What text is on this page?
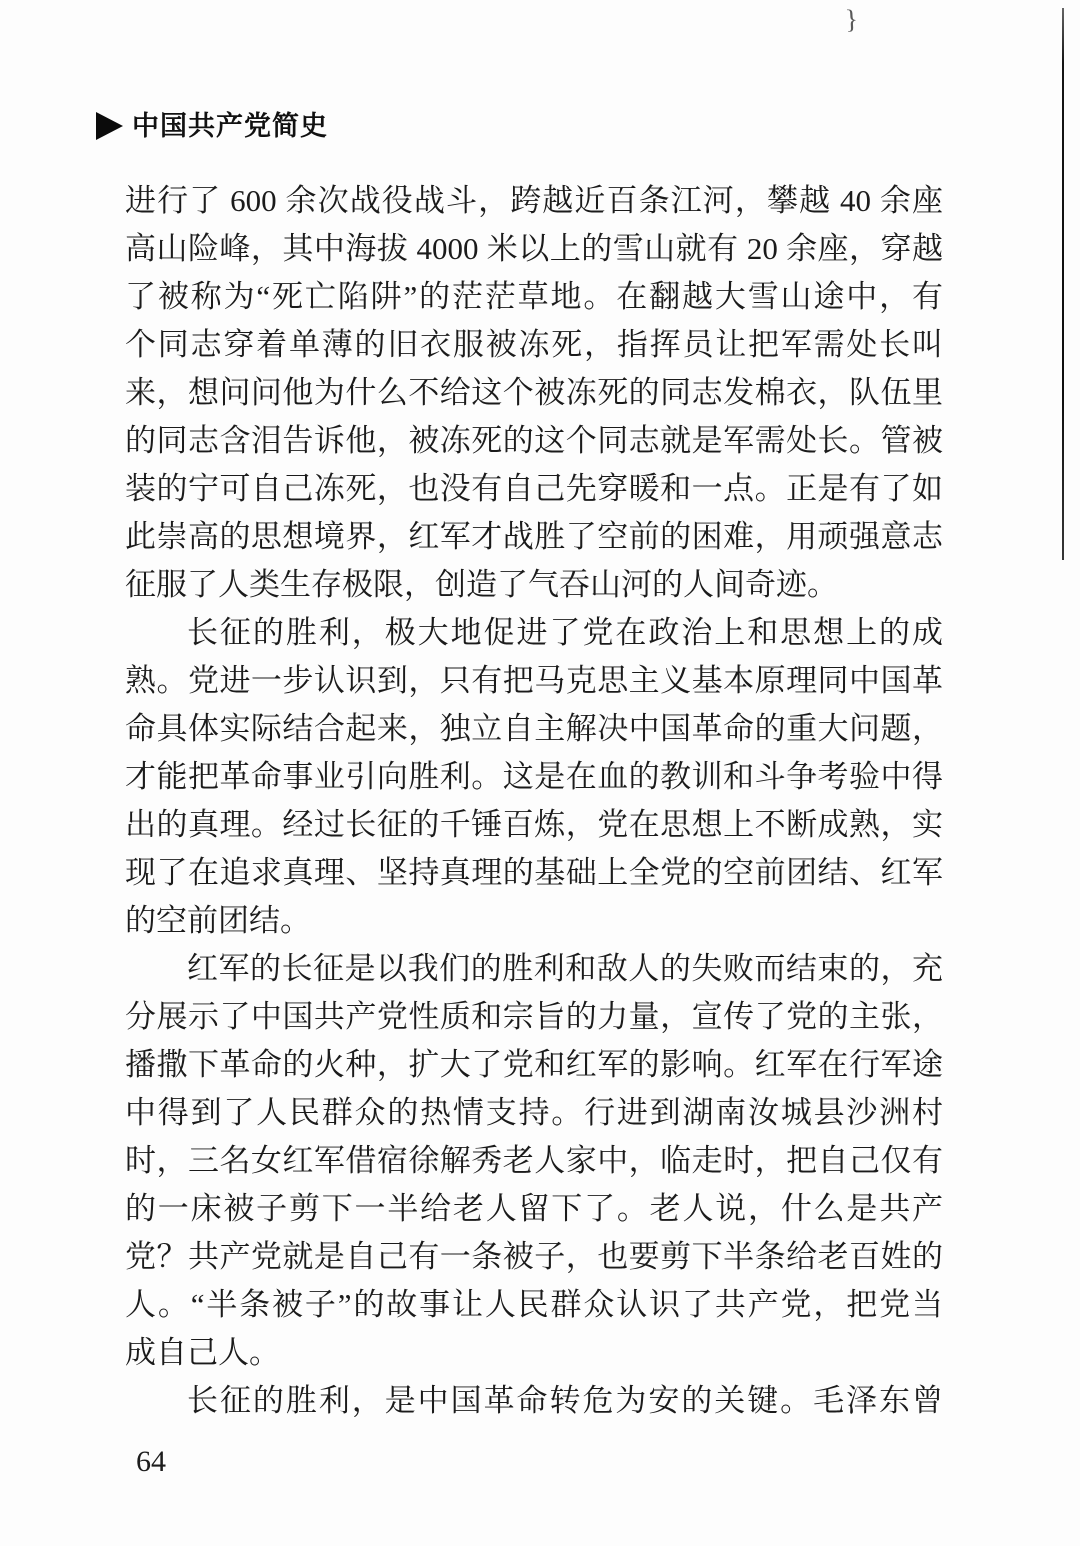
}
中国共产党简史
进行了 600 余次战役战斗，跨越近百条江河，攀越 40 余座
高山险峰，其中海拔 4000 米以上的雪山就有 20 余座，穿越
了被称为“死亡陷阱”的茫茫草地。在翻越大雪山途中，有
个同志穿着单薄的旧衣服被冻死，指挥员让把军需处长叫
来，想问问他为什么不给这个被冻死的同志发棉衣，队伍里
的同志含泪告诉他，被冻死的这个同志就是军需处长。管被
装的宁可自己冻死，也没有自己先穿暖和一点。正是有了如
此崇高的思想境界，红军才战胜了空前的困难，用顽强意志
征服了人类生存极限，创造了气吞山河的人间奇迹。
长征的胜利，极大地促进了党在政治上和思想上的成
熟。党进一步认识到，只有把马克思主义基本原理同中国革
命具体实际结合起来，独立自主解决中国革命的重大问题，
才能把革命事业引向胜利。这是在血的教训和斗争考验中得
出的真理。经过长征的千锤百炼，党在思想上不断成熟，实
现了在追求真理、坚持真理的基础上全党的空前团结、红军
的空前团结。
红军的长征是以我们的胜利和敌人的失败而结束的，充
分展示了中国共产党性质和宗旨的力量，宣传了党的主张，
播撒下革命的火种，扩大了党和红军的影响。红军在行军途
中得到了人民群众的热情支持。行进到湖南汝城县沙洲村
时，三名女红军借宿徐解秀老人家中，临走时，把自己仅有
的一床被子剪下一半给老人留下了。老人说，什么是共产
党？共产党就是自己有一条被子，也要剪下半条给老百姓的
人。“半条被子”的故事让人民群众认识了共产党，把党当
成自己人。
长征的胜利，是中国革命转危为安的关键。毛泽东曾
64
